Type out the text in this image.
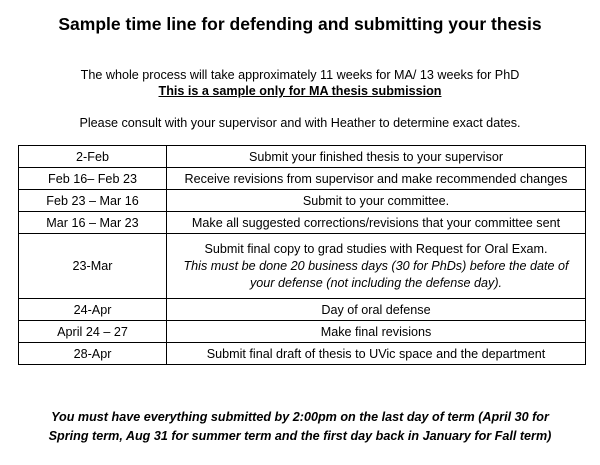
Sample time line for defending and submitting your thesis
The whole process will take approximately 11 weeks for MA/ 13 weeks for PhD
This is a sample only for MA thesis submission
Please consult with your supervisor and with Heather to determine exact dates.
2-Feb	Submit your finished thesis to your supervisor
Feb 16– Feb 23	Receive revisions from supervisor and make recommended changes
Feb 23 – Mar 16	Submit to your committee.
Mar 16 – Mar 23	Make all suggested corrections/revisions that your committee sent
23-Mar	Submit final copy to grad studies with Request for Oral Exam.
This must be done 20 business days (30 for PhDs) before the date of
your defense (not including the defense day).

24-Apr	Day of oral defense
April 24 – 27	Make final revisions
28-Apr	Submit final draft of thesis to UVic space and the department
You must have everything submitted by 2:00pm on the last day of term (April 30 for
Spring term, Aug 31 for summer term and the first day back in January for Fall term)
